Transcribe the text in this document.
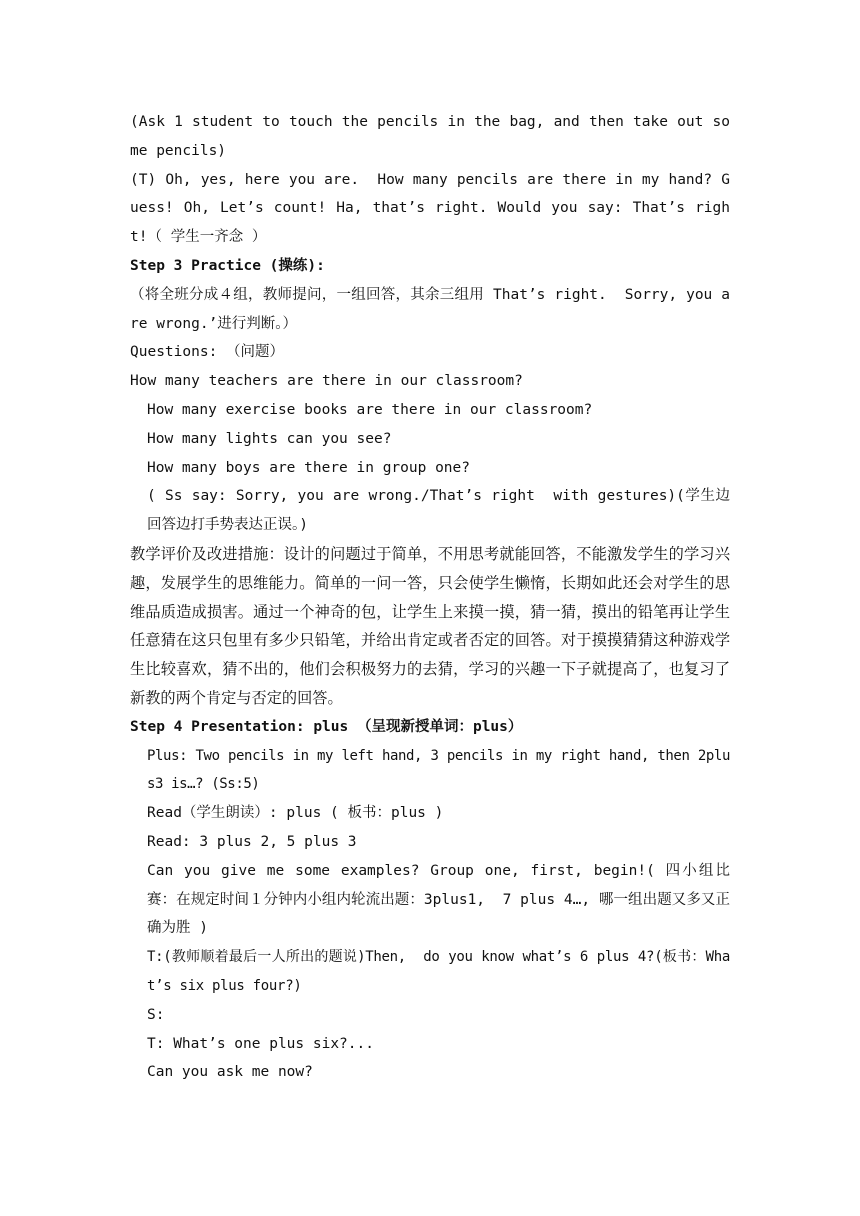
(Ask 1 student to touch the pencils in the bag, and then take out some pencils)

(T) Oh, yes, here you are.  How many pencils are there in my hand? Guess! Oh, Let’s count! Ha, that’s right. Would you say: That’s right!（ 学生一齐念 ）

Step 3 Practice (操练):

（将全班分成４组，教师提问，一组回答，其余三组用 That’s right.  Sorry, you are wrong.’进行判断。）

Questions: （问题）

How many teachers are there in our classroom?

How many exercise books are there in our classroom?

How many lights can you see?

How many boys are there in group one?

( Ss say: Sorry, you are wrong./That’s right  with gestures)(学生边回答边打手势表达正误。)

教学评价及改进措施：设计的问题过于简单，不用思考就能回答，不能激发学生的学习兴趣，发展学生的思维能力。简单的一问一答，只会使学生懒惰，长期如此还会对学生的思维品质造成损害。通过一个神奇的包，让学生上来摸一摸，猜一猜，摸出的铅笔再让学生任意猜在这只包里有多少只铅笔，并给出肯定或者否定的回答。对于摸摸猜猜这种游戏学生比较喜欢，猜不出的，他们会积极努力的去猜，学习的兴趣一下子就提高了，也复习了新教的两个肯定与否定的回答。

Step 4 Presentation: plus （呈现新授单词：plus）

Plus: Two pencils in my left hand, 3 pencils in my right hand, then 2plus3 is…? (Ss:5)

Read（学生朗读）: plus ( 板书：plus )

Read: 3 plus 2, 5 plus 3

Can you give me some examples? Group one, first, begin!( 四小组比赛：在规定时间１分钟内小组内轮流出题：3plus1,  7 plus 4…, 哪一组出题又多又正确为胜 )

T:(教师顺着最后一人所出的题说)Then,  do you know what’s 6 plus 4?(板书：What’s six plus four?)

S:

T: What’s one plus six?...

Can you ask me now?
